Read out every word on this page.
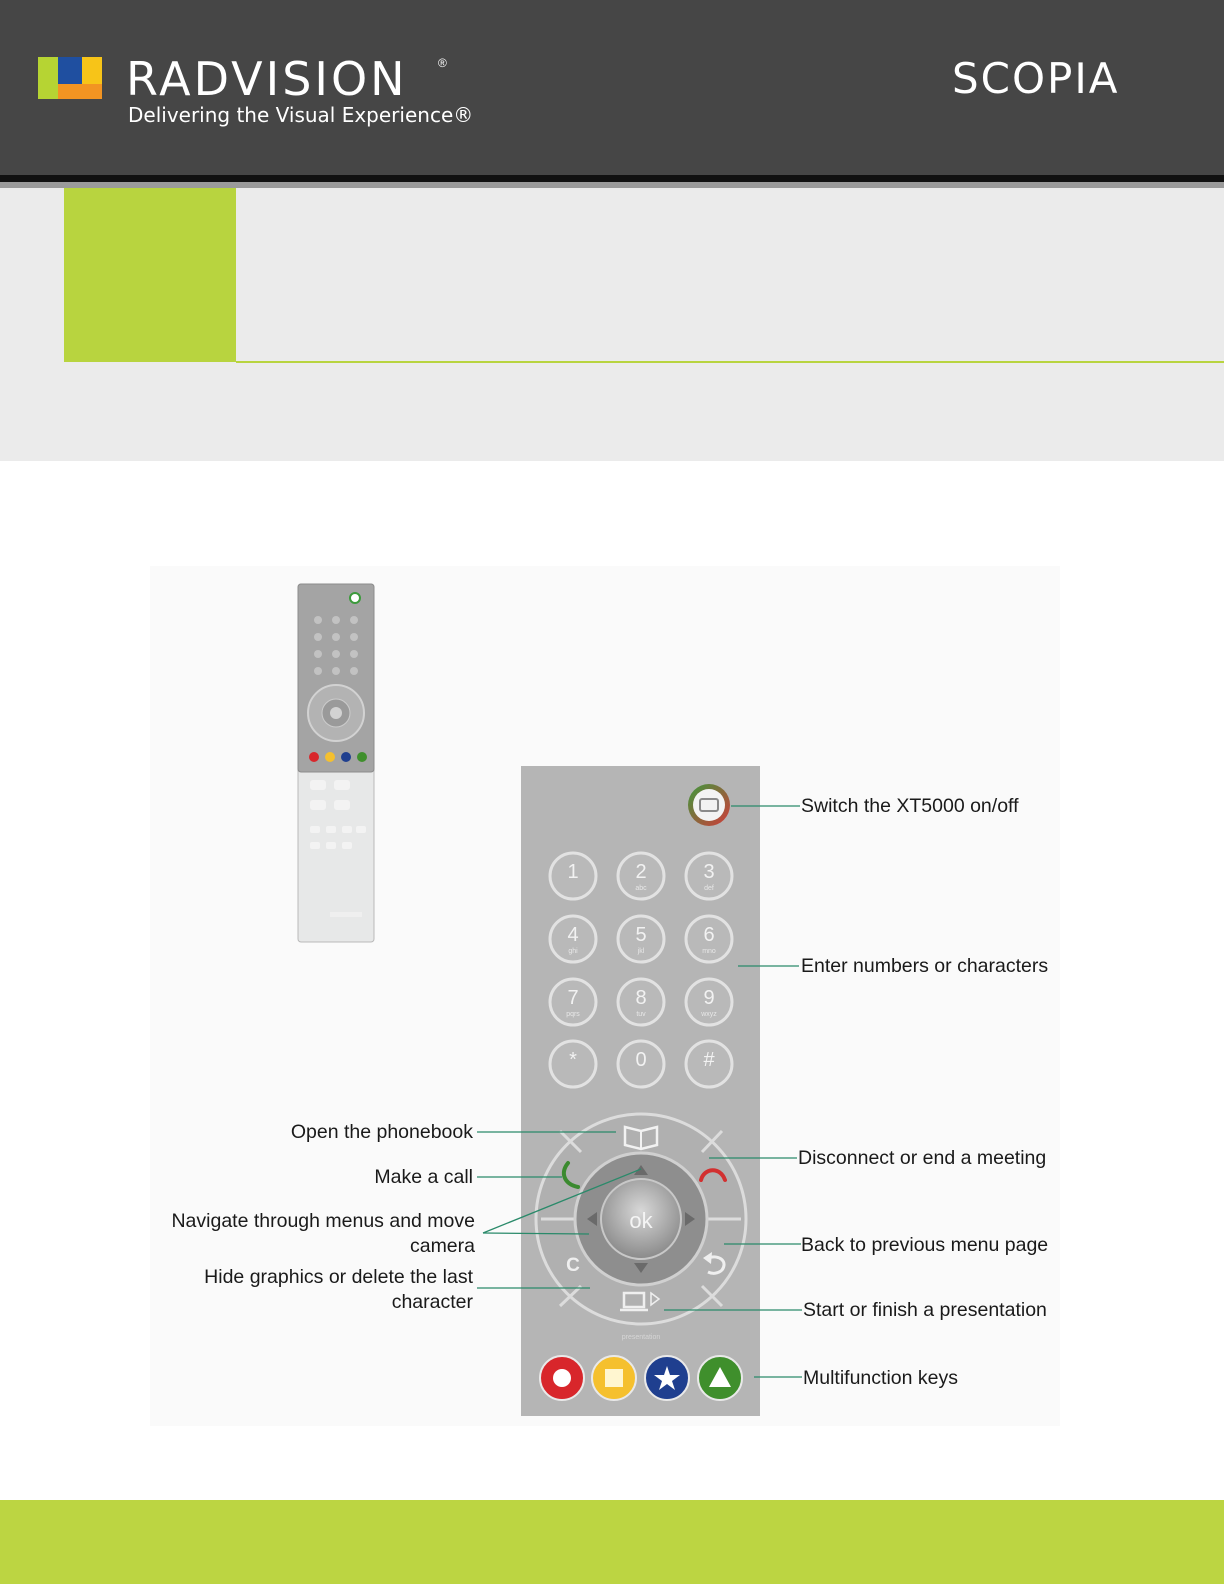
RADVISION	®
Delivering the Visual Experience®
SCOPIA
1	2
abc
3
def
4
ghi
5
jkl
6
mno
7
pqrs
8
tuv
9
wxyz
*	0	#
ok
C
presentation
Switch the XT5000 on/off
Enter numbers or characters
Open the phonebook
Disconnect or end a meeting
Make a call
Navigate through menus and move
camera	Back to previous menu page
Hide graphics or delete the last
character	Start or finish a presentation
Multifunction keys
